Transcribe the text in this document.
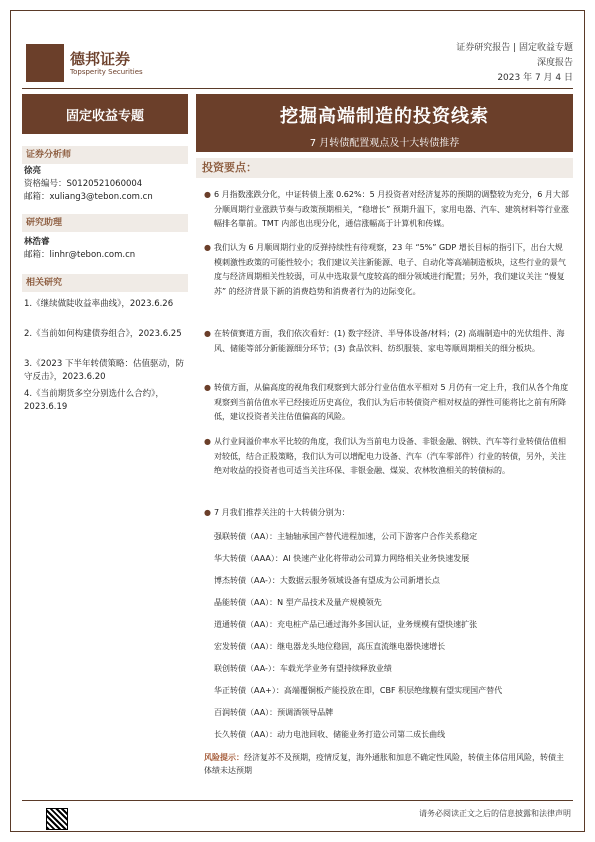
德邦证券
Topsperity Securities
证券研究报告 | 固定收益专题
深度报告
2023 年 7 月 4 日
固定收益专题
证券分析师
徐亮
资格编号：S0120521060004
邮箱：xuliang3@tebon.com.cn
研究助理
林浩睿
邮箱：linhr@tebon.com.cn
相关研究
1.《继续做陡收益率曲线》，2023.6.26
2.《当前如何构建债券组合》，2023.6.25
3.《2023 下半年转债策略：估值驱动，防守反击》，2023.6.20
4.《当前期货多空分别选什么合约》，2023.6.19
挖掘高端制造的投资线索
7 月转债配置观点及十大转债推荐
投资要点：
● 6 月指数涨跌分化，中证转债上涨 0.62%：5 月投资者对经济复苏的预期的调整较为充分，6 月大部分顺周期行业涨跌节奏与政策预期相关，“稳增长” 预期升温下，家用电器、汽车、建筑材料等行业涨幅排名靠前。TMT 内部也出现分化，通信涨幅高于计算机和传媒。
● 我们认为 6 月顺周期行业的反弹持续性有待观察，23 年 “5%” GDP 增长目标的指引下，出台大规模刺激性政策的可能性较小；我们建议关注新能源、电子、自动化等高端制造板块，这些行业的景气度与经济周期相关性较弱，可从中选取景气度较高的细分领域进行配置；另外，我们建议关注 “慢复苏” 的经济背景下新的消费趋势和消费者行为的边际变化。
● 在转债赛道方面，我们依次看好：(1) 数字经济、半导体设备/材料；(2) 高端制造中的光伏组件、海风、储能等部分新能源细分环节；(3) 食品饮料、纺织服装、家电等顺周期相关的细分板块。
● 转债方面，从偏高度的视角我们观察到大部分行业估值水平相对 5 月仍有一定上升，我们从各个角度观察到当前估值水平已经接近历史高位，我们认为后市转债资产相对权益的弹性可能将比之前有所降低，建议投资者关注估值偏高的风险。
● 从行业间溢价率水平比较的角度，我们认为当前电力设备、非银金融、钢铁、汽车等行业转债估值相对较低，结合正股策略，我们认为可以增配电力设备、汽车（汽车零部件）行业的转债，另外，关注绝对收益的投资者也可适当关注环保、非银金融、煤炭、农林牧渔相关的转债标的。
● 7 月我们推荐关注的十大转债分别为：
强联转债（AA）：主轴轴承国产替代进程加速，公司下游客户合作关系稳定
华大转债（AAA）：AI 快速产业化将带动公司算力网络相关业务快速发展
博杰转债（AA-）：大数据云服务领域设备有望成为公司新增长点
晶能转债（AA）：N 型产品技术及量产规模领先
道通转债（AA）：充电桩产品已通过海外多国认证，业务规模有望快速扩张
宏发转债（AA）：继电器龙头地位稳固，高压直流继电器快速增长
联创转债（AA-）：车载光学业务有望持续释放业绩
华正转债（AA+）：高端覆铜板产能投放在即，CBF 积层绝缘膜有望实现国产替代
百润转债（AA）：预调酒领导品牌
长久转债（AA）：动力电池回收、储能业务打造公司第二成长曲线
风险提示：经济复苏不及预期，疫情反复，海外通胀和加息不确定性风险，转债主体信用风险，转债主体绩未达预期
请务必阅读正文之后的信息披露和法律声明
